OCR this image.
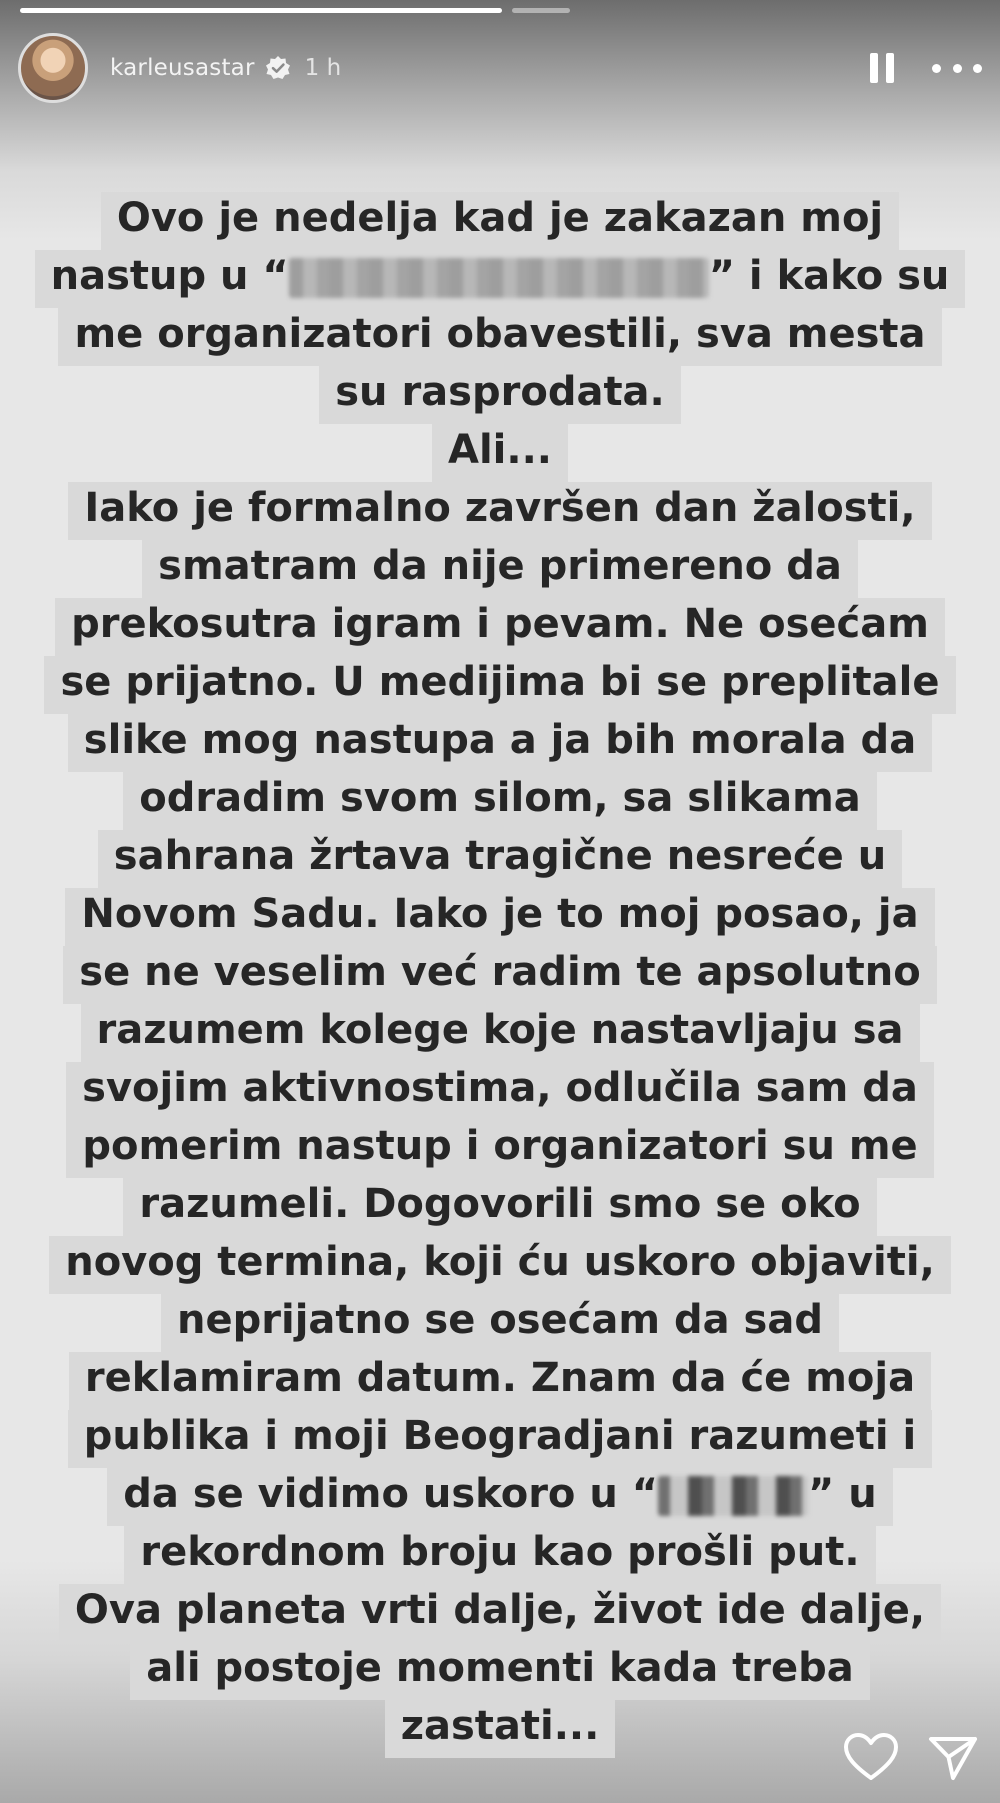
karleusastar 1 h
Ovo je nedelja kad je zakazan moj
nastup u “	” i kako su
me organizatori obavestili, sva mesta
su rasprodata.
Ali...
Iako je formalno završen dan žalosti,
smatram da nije primereno da
prekosutra igram i pevam. Ne osećam
se prijatno. U medijima bi se preplitale
slike mog nastupa a ja bih morala da
odradim svom silom, sa slikama
sahrana žrtava tragične nesreće u
Novom Sadu. Iako je to moj posao, ja
se ne veselim već radim te apsolutno
razumem kolege koje nastavljaju sa
svojim aktivnostima, odlučila sam da
pomerim nastup i organizatori su me
razumeli. Dogovorili smo se oko
novog termina, koji ću uskoro objaviti,
neprijatno se osećam da sad
reklamiram datum. Znam da će moja
publika i moji Beogradjani razumeti i
da se vidimo uskoro u “	” u
rekordnom broju kao prošli put.
Ova planeta vrti dalje, život ide dalje,
ali postoje momenti kada treba
zastati...
